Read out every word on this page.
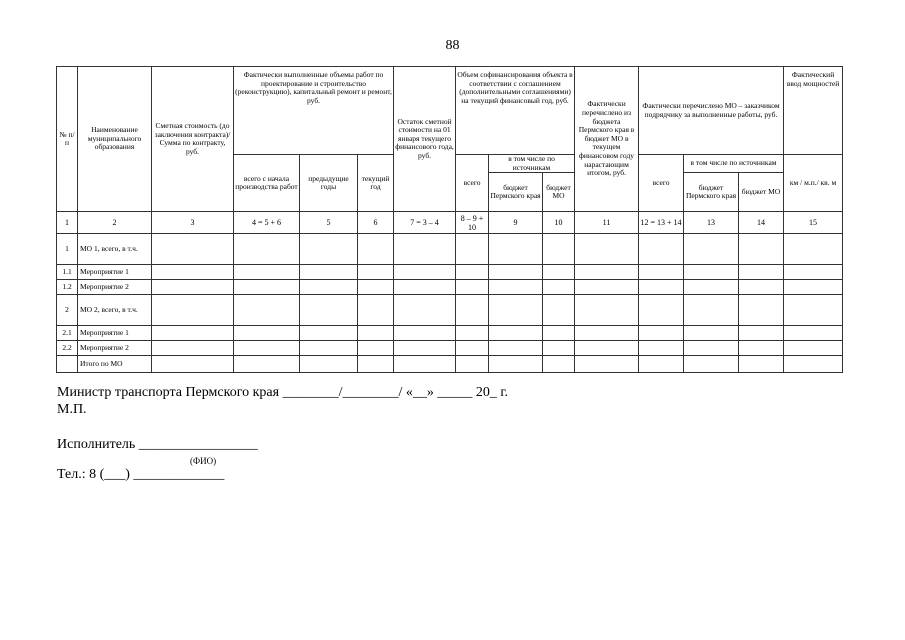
88
№ п/п	Наименование муниципального образования	Сметная стоимость (до заключения контракта)/ Сумма по контракту, руб.	Фактически выполненные объемы работ по проектирование и строительство (реконструкцию), капитальный ремонт и ремонт, руб.			Остаток сметной стоимости на 01 января текущего финансового года, руб.	Объем софинансирования объекта в соответствии с соглашением (дополнительными соглашениями) на текущий финансовый год, руб.			Фактически перечислено из бюджета Пермского края в бюджет МО в текущем финансовом году нарастающим итогом, руб.	Фактически перечислено МО – заказчиком подрядчику за выполненные работы, руб.			Фактический ввод мощностей
			всего с начала производства работ	предыдущие годы	текущий год		всего	в том числе по источникам			всего	в том числе по источникам		км / м.п./ кв. м
								бюджет Пермского края	бюджет МО			бюджет Пермского края	бюджет МО	
1	2	3	4 = 5 + 6	5	6	7 = 3 – 4	8 – 9 + 10	9	10	11	12 = 13 + 14	13	14	15
1	МО 1, всего, в т.ч.													
1.1	Мероприятие 1													
1.2	Мероприятие 2													
2	МО 2, всего, в т.ч.													
2.1	Мероприятие 1													
2.2	Мероприятие 2													
	Итого по МО													
Министр транспорта Пермского края ________/________/ «__» _____ 20_ г.
М.П.
Исполнитель _________________
(ФИО)
Тел.: 8 (___) _____________
